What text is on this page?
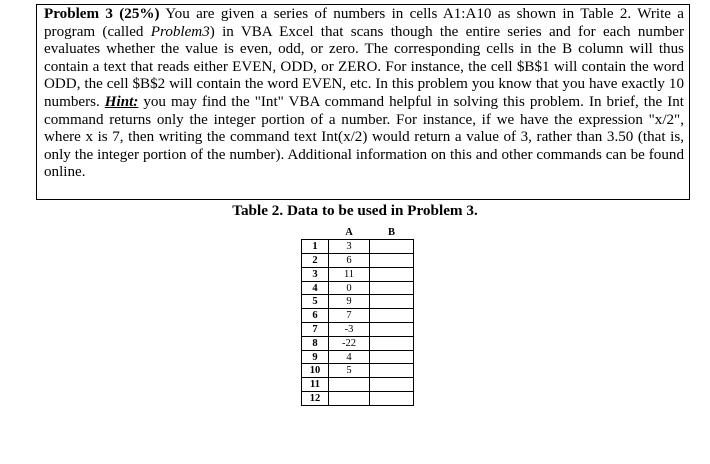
Problem 3 (25%) You are given a series of numbers in cells A1:A10 as shown in Table 2. Write a program (called Problem3) in VBA Excel that scans though the entire series and for each number evaluates whether the value is even, odd, or zero. The corresponding cells in the B column will thus contain a text that reads either EVEN, ODD, or ZERO. For instance, the cell $B$1 will contain the word ODD, the cell $B$2 will contain the word EVEN, etc. In this problem you know that you have exactly 10 numbers. Hint: you may find the "Int" VBA command helpful in solving this problem. In brief, the Int command returns only the integer portion of a number. For instance, if we have the expression "x/2", where x is 7, then writing the command text Int(x/2) would return a value of 3, rather than 3.50 (that is, only the integer portion of the number). Additional information on this and other commands can be found online.

Table 2. Data to be used in Problem 3.

	A	B
1	3	
2	6	
3	11	
4	0	
5	9	
6	7	
7	-3	
8	-22	
9	4	
10	5	
11		
12		
